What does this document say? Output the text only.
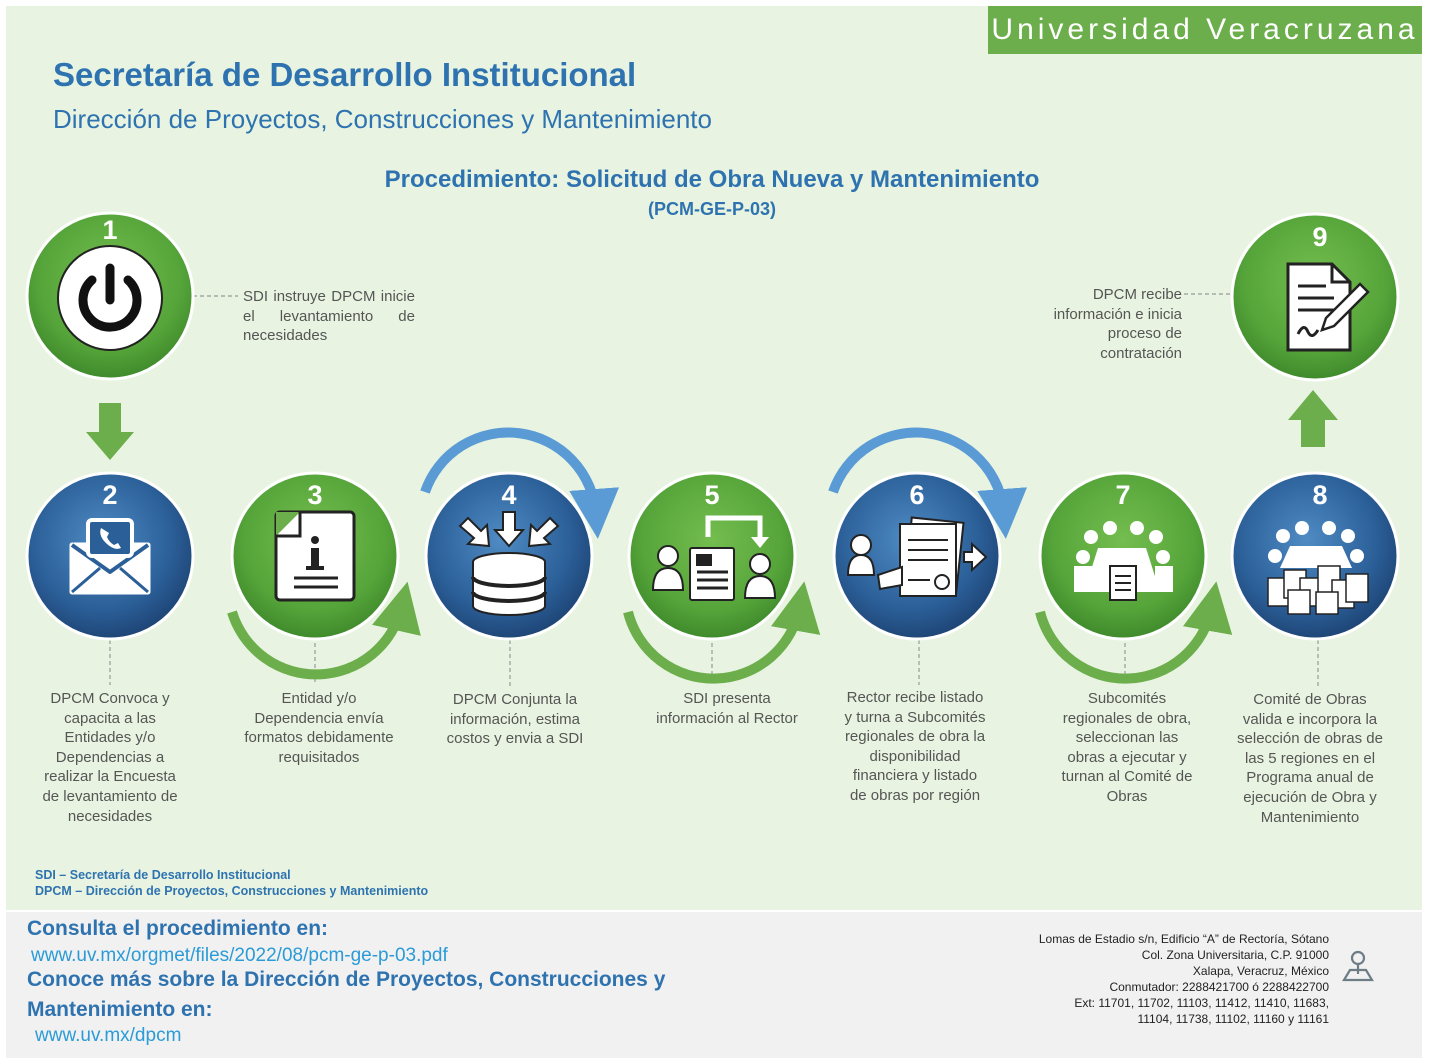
Universidad Veracruzana
Secretaría de Desarrollo Institucional
Dirección de Proyectos, Construcciones y Mantenimiento
Procedimiento: Solicitud de Obra Nueva y Mantenimiento
(PCM-GE-P-03)
1
2	3	4	5	6	7	8
9
SDI instruye DPCM inicie el levantamiento de necesidades
DPCM Convoca y capacita a las Entidades y/o Dependencias a realizar la Encuesta de levantamiento de necesidades
Entidad y/o Dependencia envía formatos debidamente requisitados
DPCM Conjunta la información, estima costos y envia a SDI
SDI presenta información al Rector
Rector recibe listado y turna a Subcomités regionales de obra la disponibilidad financiera y listado de obras por región
Subcomités regionales de obra, seleccionan las obras a ejecutar y turnan al Comité de Obras
Comité de Obras valida e incorpora la selección de obras de las 5 regiones en el Programa anual de ejecución de Obra y Mantenimiento
DPCM recibe información e inicia proceso de contratación
SDI – Secretaría de Desarrollo Institucional
DPCM – Dirección de Proyectos, Construcciones y Mantenimiento
Consulta el procedimiento en:
www.uv.mx/orgmet/files/2022/08/pcm-ge-p-03.pdf
Conoce más sobre la Dirección de Proyectos, Construcciones y
Mantenimiento en:
www.uv.mx/dpcm
Lomas de Estadio s/n, Edificio “A” de Rectoría, Sótano
Col. Zona Universitaria, C.P. 91000
Xalapa, Veracruz, México
Conmutador: 2288421700 ó 2288422700
Ext: 11701, 11702, 11103, 11412, 11410, 11683,
11104, 11738, 11102, 11160 y 11161
